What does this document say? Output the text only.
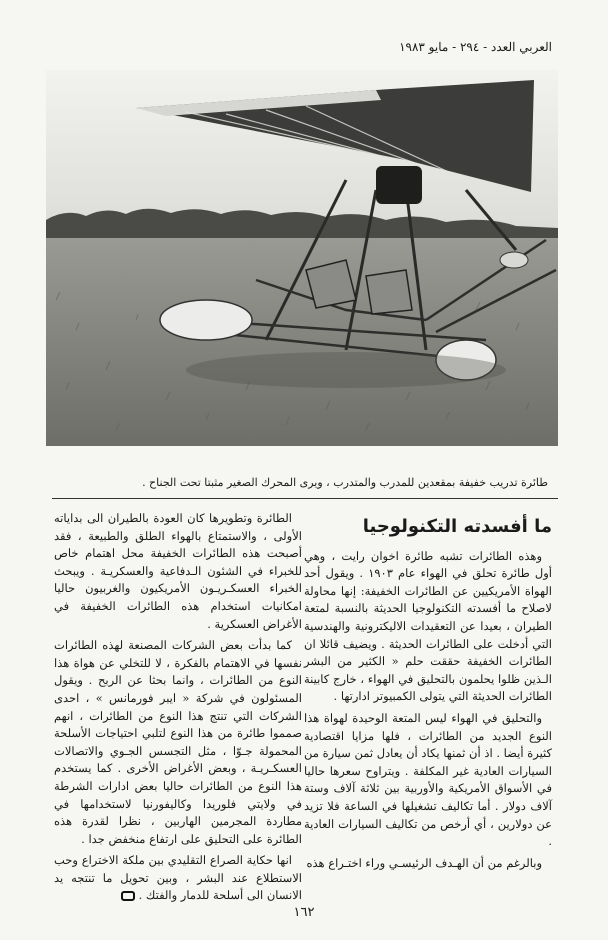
العربي العدد - ٢٩٤ - مايو ١٩٨٣
طائرة تدريب خفيفة بمقعدين للمدرب والمتدرب ، ويرى المحرك الصغير مثبتا تحت الجناح .
ما أفسدته التكنولوجيا

وهذه الطائرات تشبه طائرة اخوان رايت ، وهي أول طائرة تحلق في الهواء عام ١٩٠٣ . ويقول أحد الهواة الأمريكيين عن الطائرات الخفيفة: إنها محاولة لاصلاح ما أفسدته التكنولوجيا الحديثة بالنسبة لمتعة الطيران ، بعيدا عن التعقيدات الاليكترونية والهندسية التي أدخلت على الطائرات الحديثة . ويضيف قائلا ان الطائرات الخفيفة حققت حلم « الكثير من البشر الـذين ظلوا يحلمون بالتحليق في الهواء ، خارج كابينة الطائرات الحديثة التي يتولى الكمبيوتر ادارتها .

والتحليق في الهواء ليس المتعة الوحيدة لهواة هذا النوع الجديد من الطائرات ، فلها مزايا اقتصادية كثيرة أيضا . اذ أن ثمنها يكاد أن يعادل ثمن سيارة من السيارات العادية غير المكلفة . ويتراوح سعرها حاليا في الأسواق الأمريكية والأوربية بين ثلاثة آلاف وستة آلاف دولار . أما تكاليف تشغيلها في الساعة فلا تزيد عن دولارين ، أي أرخص من تكاليف السيارات العادية .

وبالرغم من أن الهـدف الرئيسـي وراء اختـراع هذه

الطائرة وتطويرها كان العودة بالطيران الى بداياته الأولى ، والاستمتاع بالهواء الطلق والطبيعة ، فقد أصبحت هذه الطائرات الخفيفة محل اهتمام خاص للخبراء في الشئون الـدفاعية والعسكريـة . ويبحث الخبراء العسكـريـون الأمريكيون والغربيون حاليا امكانيات استخدام هذه الطائرات الخفيفة في الأغراض العسكرية .

كما بدأت بعض الشركات المصنعة لهذه الطائرات نفسها في الاهتمام بالفكرة ، لا للتخلي عن هواة هذا النوع من الطائرات ، وانما بحثا عن الربح . ويقول المسئولون في شركة « ايبر فورمانس » ، احدى الشركات التي تنتج هذا النوع من الطائرات ، انهم صمموا طائرة من هذا النوع لتلبي احتياجات الأسلحة المحمولة جـوّا ، مثل التجسس الجـوي والاتصالات العسكـريـة ، وبعض الأغراض الأخرى . كما يستخدم هذا النوع من الطائرات حاليا بعض ادارات الشرطة في ولايتي فلوريدا وكاليفورنيا لاستخدامها في مطاردة المجرمين الهاربين ، نظرا لقدرة هذه الطائرة على التحليق على ارتفاع منخفض جدا .

انها حكاية الصراع التقليدي بين ملكة الاختراع وحب الاستطلاع عند البشر ، وبين تحويل ما تنتجه يد الانسان الى أسلحة للدمار والفتك .

١٦٢
